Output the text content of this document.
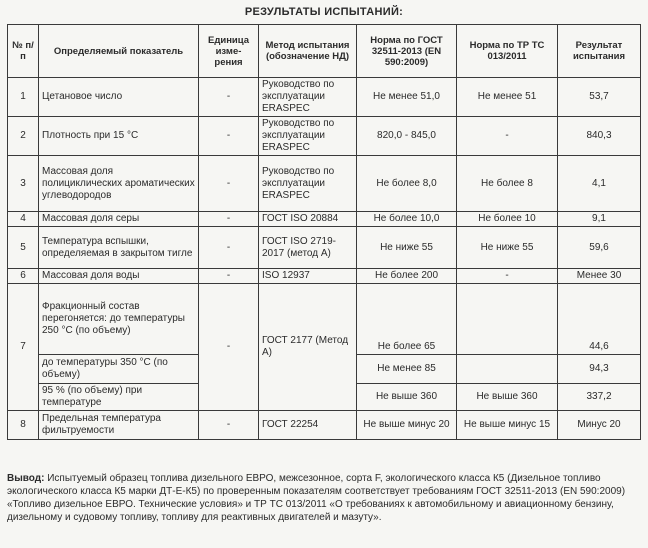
РЕЗУЛЬТАТЫ ИСПЫТАНИЙ:
№ п/п	Определяемый показатель	Единица изме-рения	Метод испытания (обозначение НД)	Норма по ГОСТ 32511-2013 (EN 590:2009)	Норма по ТР ТС 013/2011	Результат испытания
1	Цетановое число	-	Руководство по эксплуатации ERASPEC	Не менее 51,0	Не менее 51	53,7
2	Плотность при 15 °C	-	Руководство по эксплуатации ERASPEC	820,0 - 845,0	-	840,3
3	Массовая доля полициклических ароматических углеводородов	-	Руководство по эксплуатации ERASPEC	Не более 8,0	Не более 8	4,1
4	Массовая доля серы	-	ГОСТ ISO 20884	Не более 10,0	Не более 10	9,1
5	Температура вспышки, определяемая в закрытом тигле	-	ГОСТ ISO 2719-2017 (метод А)	Не ниже 55	Не ниже 55	59,6
6	Массовая доля воды	-	ISO 12937	Не более 200	-	Менее 30
7	Фракционный состав перегоняется: до температуры 250 °C (по объему)	-	ГОСТ 2177 (Метод А)	Не более 65		44,6
	до температуры 350 °C (по объему)			Не менее 85		94,3
	95 % (по объему) при температуре			Не выше 360	Не выше 360	337,2
8	Предельная температура фильтруемости	-	ГОСТ 22254	Не выше минус 20	Не выше минус 15	Минус 20
Вывод: Испытуемый образец топлива дизельного ЕВРО, межсезонное, сорта F, экологического класса К5 (Дизельное топливо экологического класса К5 марки ДТ-Е-К5) по проверенным показателям соответствует требованиям ГОСТ 32511-2013 (EN 590:2009) «Топливо дизельное ЕВРО. Технические условия» и ТР ТС 013/2011 «О требованиях к автомобильному и авиационному бензину, дизельному и судовому топливу, топливу для реактивных двигателей и мазуту».
